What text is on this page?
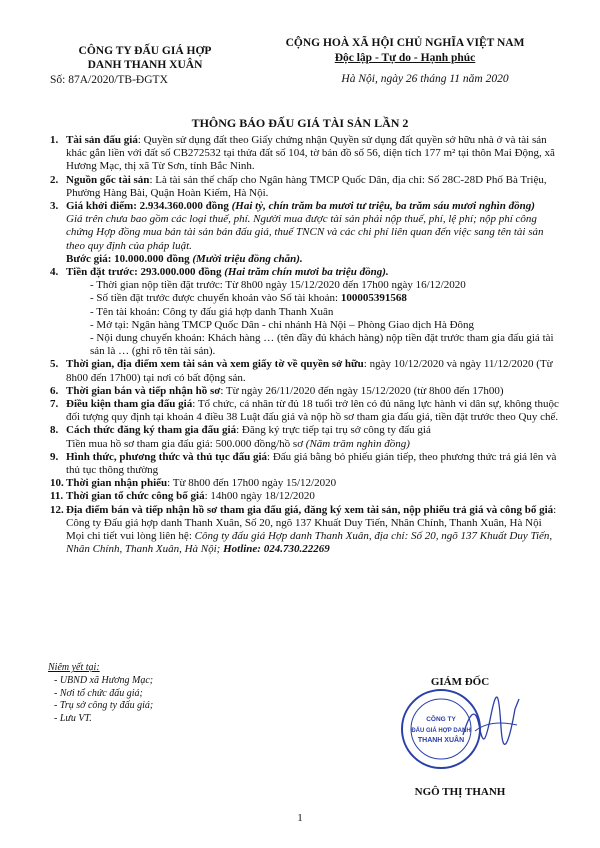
CÔNG TY ĐẤU GIÁ HỢP
DANH THANH XUÂN
Số: 87A/2020/TB-ĐGTX
CỘNG HOÀ XÃ HỘI CHỦ NGHĨA VIỆT NAM
Độc lập - Tự do - Hạnh phúc
Hà Nội, ngày 26 tháng 11 năm 2020
THÔNG BÁO ĐẤU GIÁ TÀI SẢN LẦN 2

1. Tài sản đấu giá: Quyền sử dụng đất theo Giấy chứng nhận Quyền sử dụng đất quyền sở hữu nhà ở và tài sản khác gắn liền với đất số CB272532 tại thửa đất số 104, tờ bản đồ số 56, diện tích 177 m² tại thôn Mai Động, xã Hương Mạc, thị xã Từ Sơn, tỉnh Bắc Ninh.

2. Nguồn gốc tài sản: Là tài sản thế chấp cho Ngân hàng TMCP Quốc Dân, địa chỉ: Số 28C-28D Phố Bà Triệu, Phường Hàng Bài, Quận Hoàn Kiếm, Hà Nội.

3. Giá khởi điểm: 2.934.360.000 đồng (Hai tỷ, chín trăm ba mươi tư triệu, ba trăm sáu mươi nghìn đồng)

Giá trên chưa bao gồm các loại thuế, phí. Người mua được tài sản phải nộp thuế, phí, lệ phí; nộp phí công chứng Hợp đồng mua bán tài sản bán đấu giá, thuế TNCN và các chi phí liên quan đến việc sang tên tài sản theo quy định của pháp luật.

Bước giá: 10.000.000 đồng (Mười triệu đồng chẵn).

4. Tiền đặt trước: 293.000.000 đồng (Hai trăm chín mươi ba triệu đồng).

- Thời gian nộp tiền đặt trước: Từ 8h00 ngày 15/12/2020 đến 17h00 ngày 16/12/2020

- Số tiền đặt trước được chuyển khoản vào Số tài khoản: 100005391568

- Tên tài khoản: Công ty đấu giá hợp danh Thanh Xuân

- Mở tại: Ngân hàng TMCP Quốc Dân - chi nhánh Hà Nội – Phòng Giao dịch Hà Đông

- Nội dung chuyển khoản: Khách hàng … (tên đầy đủ khách hàng) nộp tiền đặt trước tham gia đấu giá tài sản là … (ghi rõ tên tài sản).

5. Thời gian, địa điểm xem tài sản và xem giấy tờ về quyền sở hữu: ngày 10/12/2020 và ngày 11/12/2020 (Từ 8h00 đến 17h00) tại nơi có bất động sản.

6. Thời gian bán và tiếp nhận hồ sơ: Từ ngày 26/11/2020 đến ngày 15/12/2020 (từ 8h00 đến 17h00)

7. Điều kiện tham gia đấu giá: Tổ chức, cá nhân từ đủ 18 tuổi trở lên có đủ năng lực hành vi dân sự, không thuộc đối tượng quy định tại khoản 4 điều 38 Luật đấu giá và nộp hồ sơ tham gia đấu giá, tiền đặt trước theo Quy chế.

8. Cách thức đăng ký tham gia đấu giá: Đăng ký trực tiếp tại trụ sở công ty đấu giá

Tiền mua hồ sơ tham gia đấu giá: 500.000 đồng/hồ sơ (Năm trăm nghìn đồng)

9. Hình thức, phương thức và thủ tục đấu giá: Đấu giá bằng bỏ phiếu gián tiếp, theo phương thức trả giá lên và thủ tục thông thường

10. Thời gian nhận phiếu: Từ 8h00 đến 17h00 ngày 15/12/2020

11. Thời gian tổ chức công bố giá: 14h00 ngày 18/12/2020

12. Địa điểm bán và tiếp nhận hồ sơ tham gia đấu giá, đăng ký xem tài sản, nộp phiếu trả giá và công bố giá: Công ty Đấu giá hợp danh Thanh Xuân, Số 20, ngõ 137 Khuất Duy Tiến, Nhân Chính, Thanh Xuân, Hà Nội

Mọi chi tiết vui lòng liên hệ: Công ty đấu giá Hợp danh Thanh Xuân, địa chỉ: Số 20, ngõ 137 Khuất Duy Tiến, Nhân Chính, Thanh Xuân, Hà Nội; Hotline: 024.730.22269

Niêm yết tại:
- UBND xã Hương Mạc;
- Nơi tổ chức đấu giá;
- Trụ sở công ty đấu giá;
- Lưu VT.
GIÁM ĐỐC
CÔNG TY
ĐẤU GIÁ HỢP DANH
THANH XUÂN
NGÔ THỊ THANH
1
